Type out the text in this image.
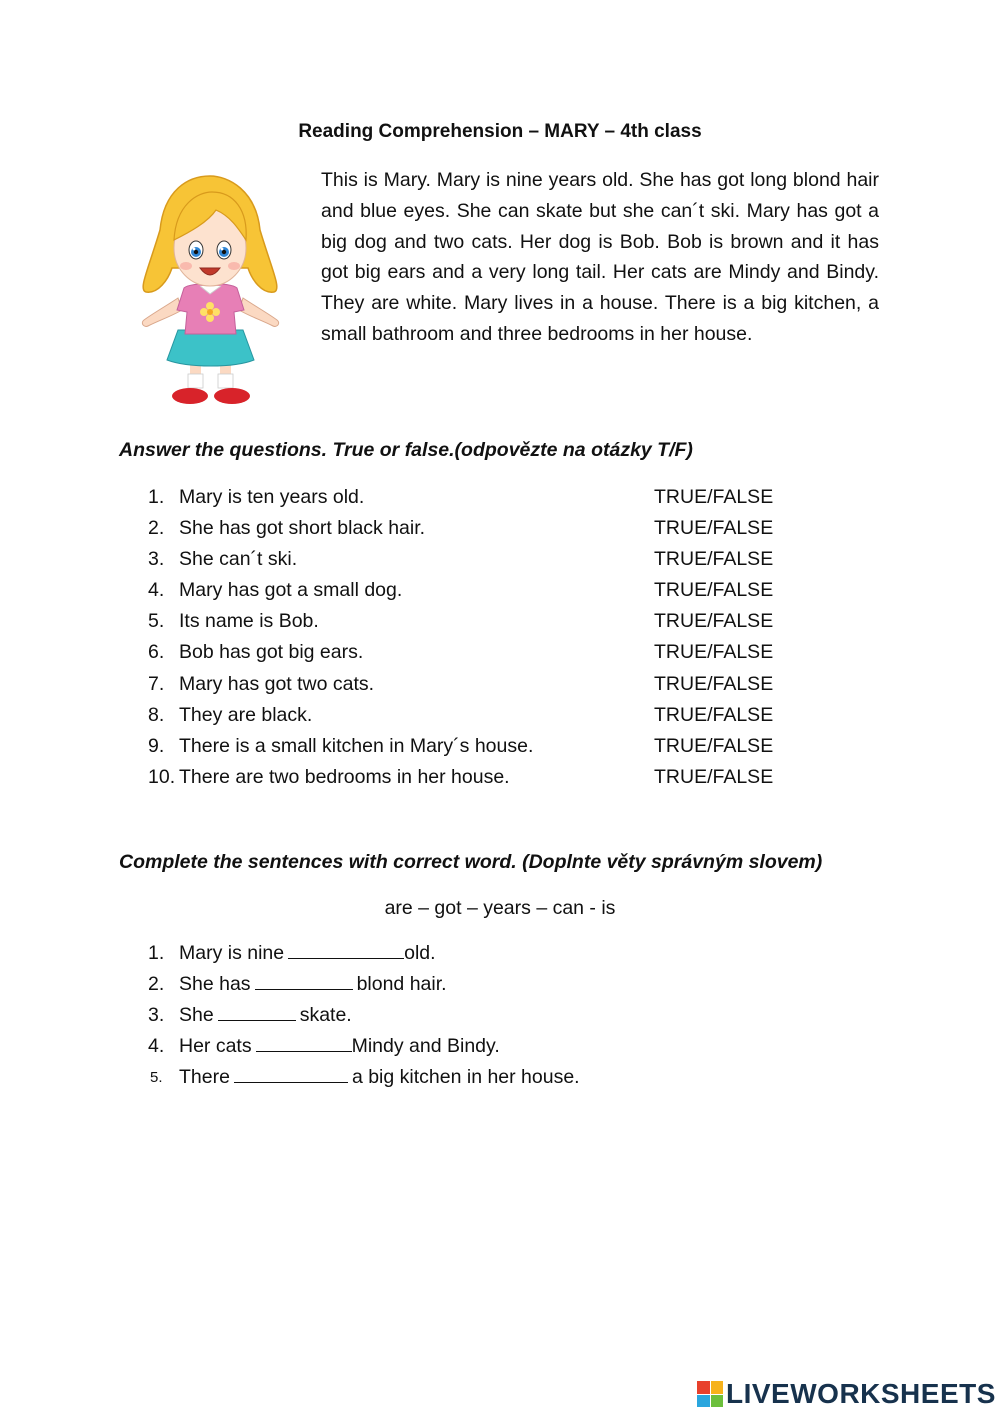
Reading Comprehension – MARY – 4th class
This is Mary. Mary is nine years old. She has got long blond hair and blue eyes. She can skate but she can´t ski. Mary has got a big dog and two cats. Her dog is Bob. Bob is brown and it has got big ears and a very long tail. Her cats are Mindy and Bindy. They are white. Mary lives in a house. There is a big kitchen, a small bathroom and three bedrooms in her house.
Answer the questions. True or false.(odpovězte na otázky T/F)
1. Mary is ten years old.	TRUE/FALSE
2. She has got short black hair.	TRUE/FALSE
3. She can´t ski.	TRUE/FALSE
4. Mary has got a small dog.	TRUE/FALSE
5. Its name is Bob.	TRUE/FALSE
6. Bob has got big ears.	TRUE/FALSE
7. Mary has got two cats.	TRUE/FALSE
8. They are black.	TRUE/FALSE
9. There is a small kitchen in Mary´s house.	TRUE/FALSE
10. There are two bedrooms in her house.	TRUE/FALSE
Complete the sentences with correct word. (Doplnte věty správným slovem)
are – got – years – can - is
1. Mary is nine	old.
2. She has	blond hair.
3. She	skate.
4. Her cats	Mindy and Bindy.
5. There	a big kitchen in her house.
LIVEWORKSHEETS
